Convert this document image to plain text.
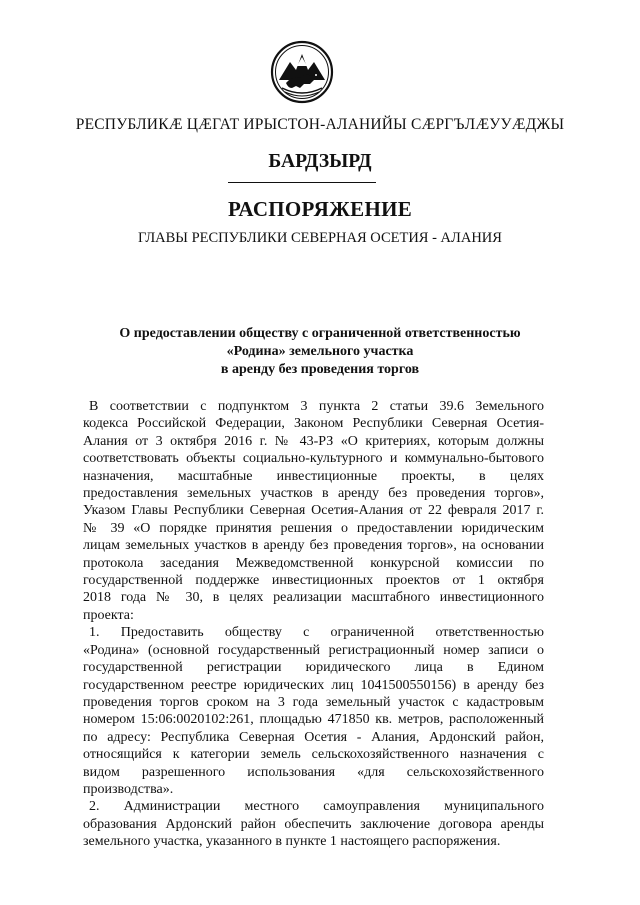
РЕСПУБЛИКӔ ЦӔГАТ ИРЫСТОН-АЛАНИЙЫ СӔРГЪЛӔУУӔДЖЫ
БАРДЗЫРД
РАСПОРЯЖЕНИЕ
ГЛАВЫ РЕСПУБЛИКИ СЕВЕРНАЯ ОСЕТИЯ - АЛАНИЯ
О предоставлении обществу с ограниченной ответственностью
«Родина» земельного участка
в аренду без проведения торгов
В соответствии с подпунктом 3 пункта 2 статьи 39.6 Земельного
кодекса Российской Федерации, Законом Республики Северная Осетия-
Алания от 3 октября 2016 г. № 43-РЗ «О критериях, которым должны
соответствовать объекты социально-культурного и коммунально-бытового
назначения, масштабные инвестиционные проекты, в целях
предоставления земельных участков в аренду без проведения торгов»,
Указом Главы Республики Северная Осетия-Алания от 22 февраля 2017 г.
№ 39 «О порядке принятия решения о предоставлении юридическим
лицам земельных участков в аренду без проведения торгов», на основании
протокола заседания Межведомственной конкурсной комиссии по
государственной поддержке инвестиционных проектов от 1 октября
2018 года № 30, в целях реализации масштабного инвестиционного
проекта:
1. Предоставить обществу с ограниченной ответственностью
«Родина» (основной государственный регистрационный номер записи о
государственной регистрации юридического лица в Едином
государственном реестре юридических лиц 1041500550156) в аренду без
проведения торгов сроком на 3 года земельный участок с кадастровым
номером 15:06:0020102:261, площадью 471850 кв. метров, расположенный
по адресу: Республика Северная Осетия - Алания, Ардонский район,
относящийся к категории земель сельскохозяйственного назначения с
видом разрешенного использования «для сельскохозяйственного
производства».
2. Администрации местного самоуправления муниципального
образования Ардонский район обеспечить заключение договора аренды
земельного участка, указанного в пункте 1 настоящего распоряжения.
